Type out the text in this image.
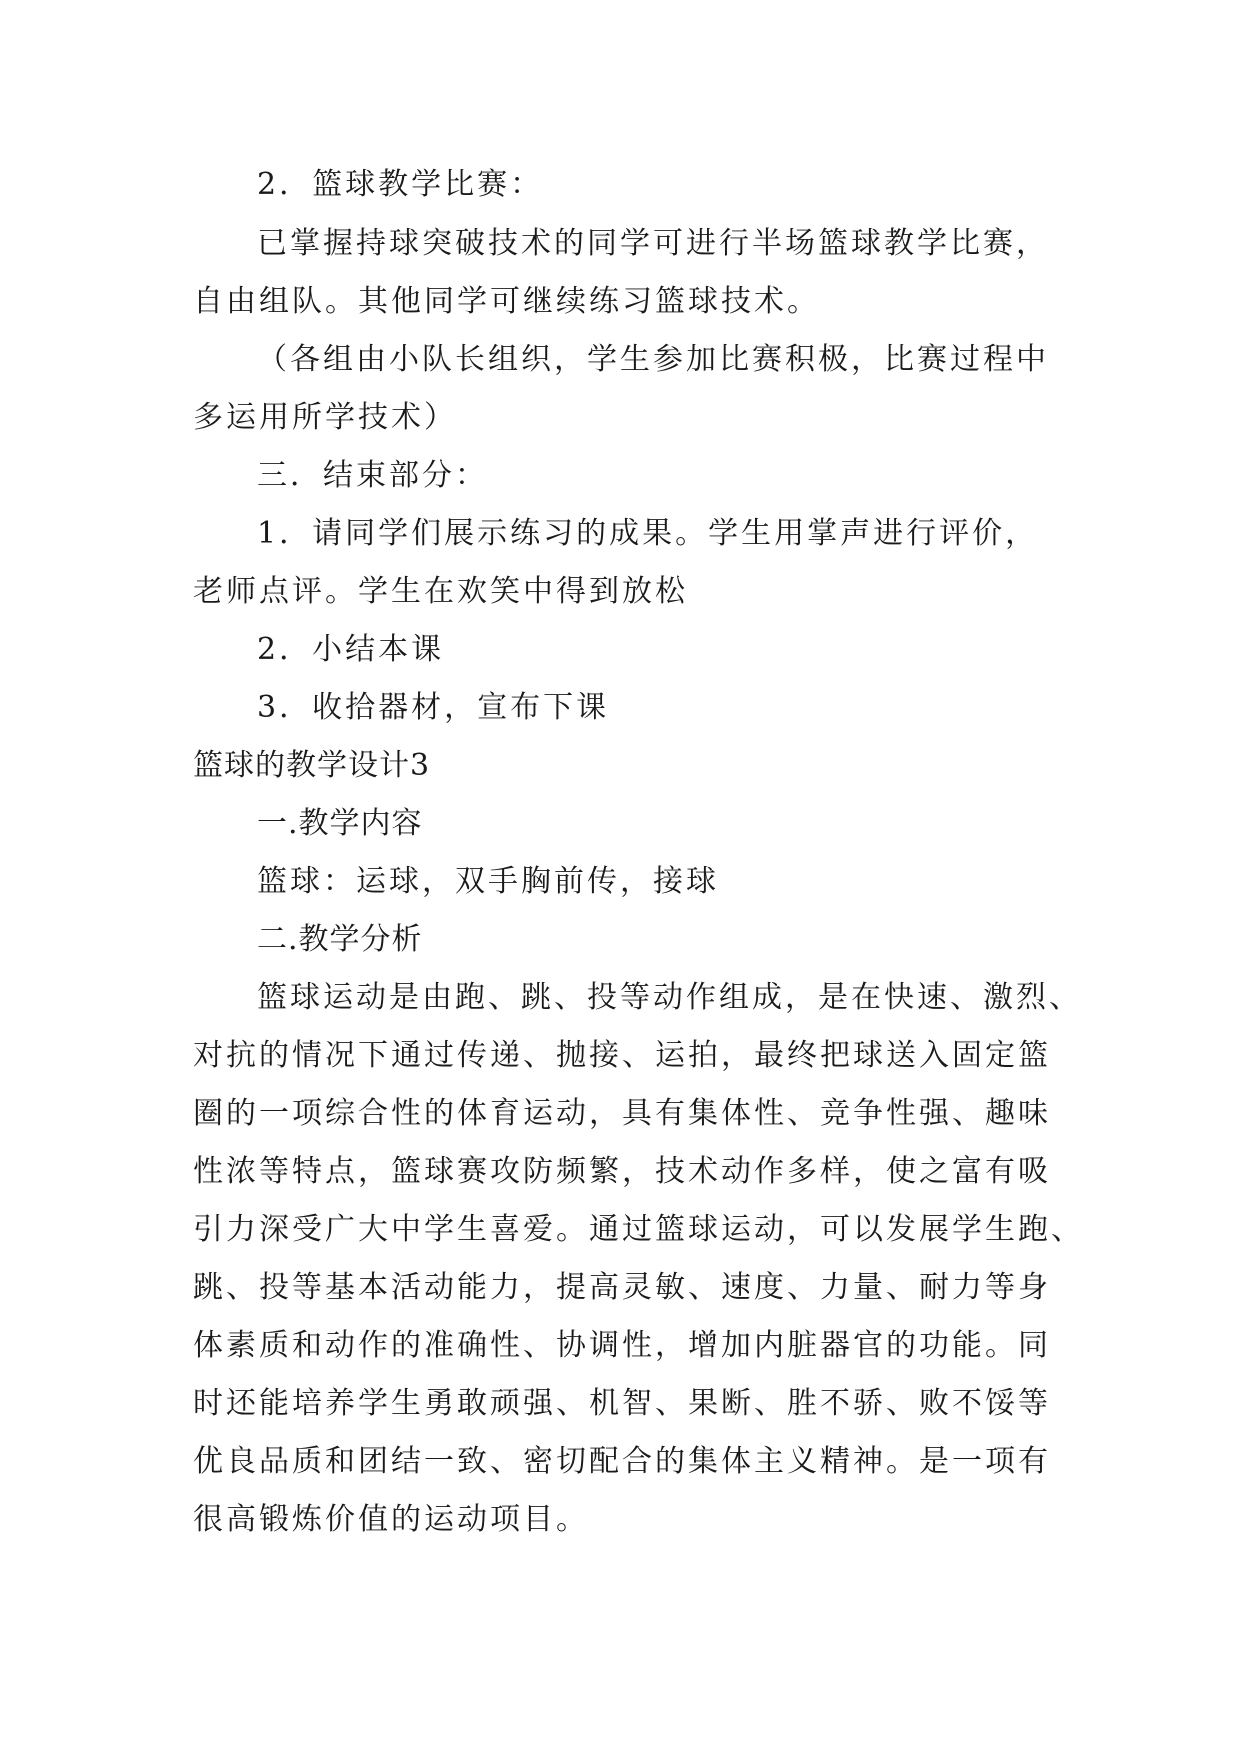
2．篮球教学比赛：
已掌握持球突破技术的同学可进行半场篮球教学比赛，
自由组队。其他同学可继续练习篮球技术。
（各组由小队长组织，学生参加比赛积极，比赛过程中
多运用所学技术）
三．结束部分：
1．请同学们展示练习的成果。学生用掌声进行评价，
老师点评。学生在欢笑中得到放松
2．小结本课
3．收拾器材，宣布下课
篮球的教学设计3
一.教学内容
篮球：运球，双手胸前传，接球
二.教学分析
篮球运动是由跑、跳、投等动作组成，是在快速、激烈、
对抗的情况下通过传递、抛接、运拍，最终把球送入固定篮
圈的一项综合性的体育运动，具有集体性、竞争性强、趣味
性浓等特点，篮球赛攻防频繁，技术动作多样，使之富有吸
引力深受广大中学生喜爱。通过篮球运动，可以发展学生跑、
跳、投等基本活动能力，提高灵敏、速度、力量、耐力等身
体素质和动作的准确性、协调性，增加内脏器官的功能。同
时还能培养学生勇敢顽强、机智、果断、胜不骄、败不馁等
优良品质和团结一致、密切配合的集体主义精神。是一项有
很高锻炼价值的运动项目。
